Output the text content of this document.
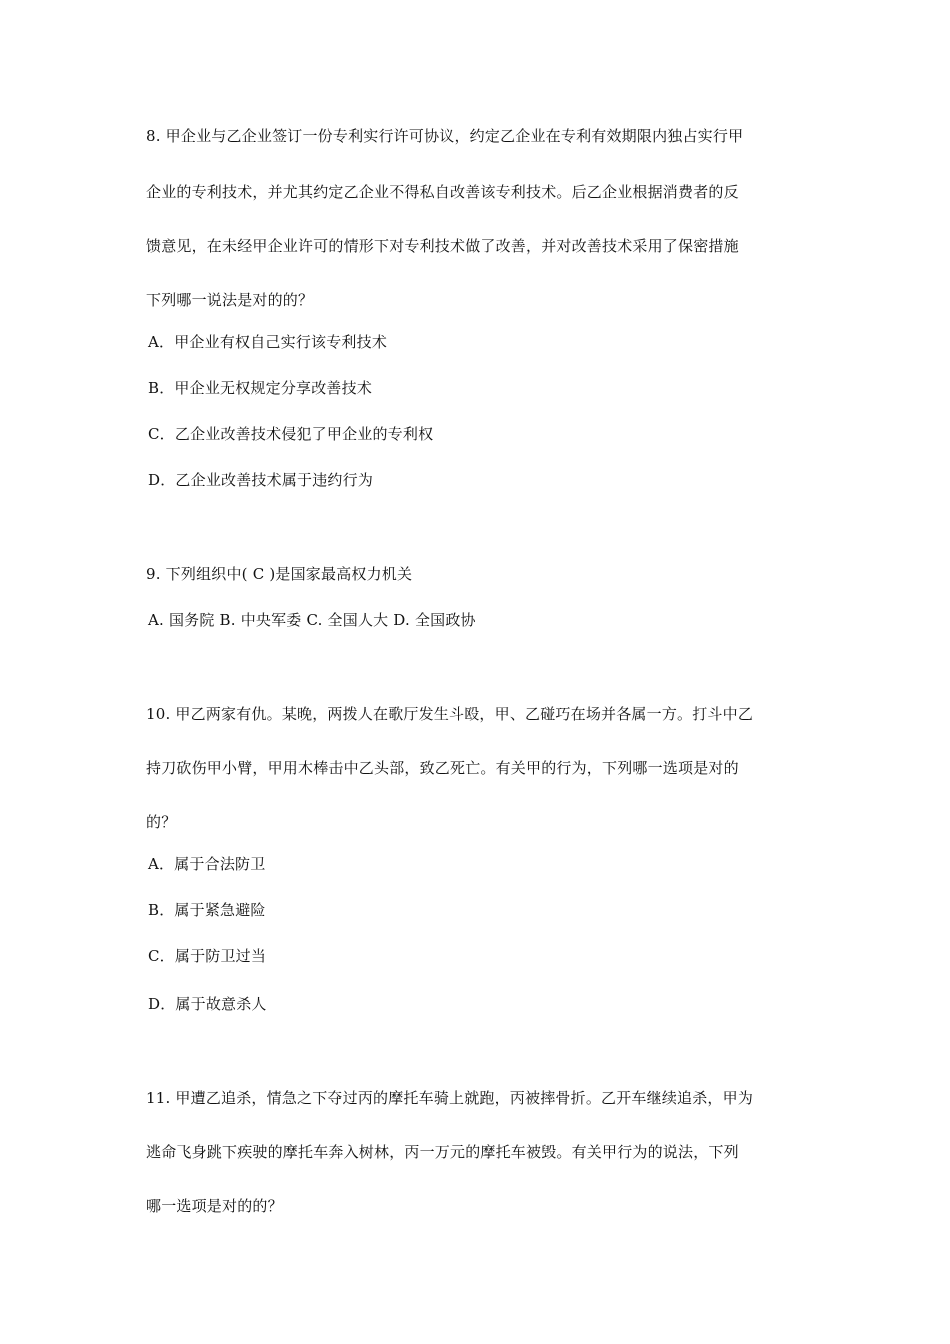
8. 甲企业与乙企业签订一份专利实行许可协议，约定乙企业在专利有效期限内独占实行甲
企业的专利技术，并尤其约定乙企业不得私自改善该专利技术。后乙企业根据消费者的反
馈意见，在未经甲企业许可的情形下对专利技术做了改善，并对改善技术采用了保密措施
下列哪一说法是对的的？
A．甲企业有权自己实行该专利技术
B．甲企业无权规定分享改善技术
C．乙企业改善技术侵犯了甲企业的专利权
D．乙企业改善技术属于违约行为
9. 下列组织中( C )是国家最高权力机关
A. 国务院 B. 中央军委 C. 全国人大 D. 全国政协
10. 甲乙两家有仇。某晚，两拨人在歌厅发生斗殴，甲、乙碰巧在场并各属一方。打斗中乙
持刀砍伤甲小臂，甲用木棒击中乙头部，致乙死亡。有关甲的行为，下列哪一选项是对的
的？
A．属于合法防卫
B．属于紧急避险
C．属于防卫过当
D．属于故意杀人
11. 甲遭乙追杀，情急之下夺过丙的摩托车骑上就跑，丙被摔骨折。乙开车继续追杀，甲为
逃命飞身跳下疾驶的摩托车奔入树林，丙一万元的摩托车被毁。有关甲行为的说法，下列
哪一选项是对的的？
